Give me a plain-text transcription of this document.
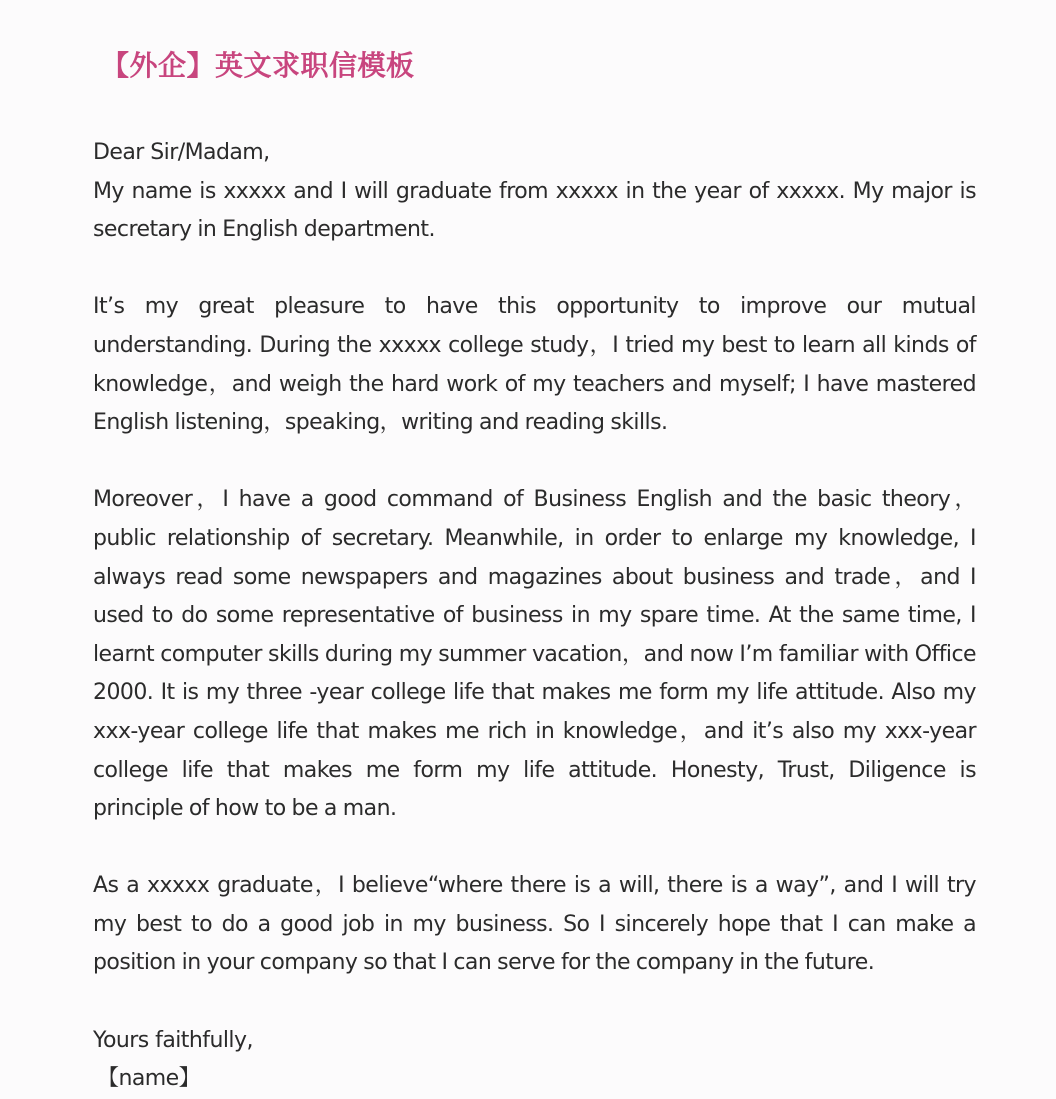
【外企】英文求职信模板
Dear Sir/Madam,

My name is xxxxx and I will graduate from xxxxx in the year of xxxxx. My major is secretary in English department.

It’s my great pleasure to have this opportunity to improve our mutual understanding. During the xxxxx college study，I tried my best to learn all kinds of knowledge，and weigh the hard work of my teachers and myself; I have mastered English listening，speaking，writing and reading skills.

Moreover，I have a good command of Business English and the basic theory， public relationship of secretary. Meanwhile, in order to enlarge my knowledge, I always read some newspapers and magazines about business and trade，and I used to do some representative of business in my spare time. At the same time, I learnt computer skills during my summer vacation，and now I’m familiar with Office 2000. It is my three -year college life that makes me form my life attitude. Also my xxx-year college life that makes me rich in knowledge，and it’s also my xxx-year college life that makes me form my life attitude. Honesty, Trust, Diligence is principle of how to be a man.

As a xxxxx graduate，I believe“where there is a will, there is a way”, and I will try my best to do a good job in my business. So I sincerely hope that I can make a position in your company so that I can serve for the company in the future.

Yours faithfully,
【name】
